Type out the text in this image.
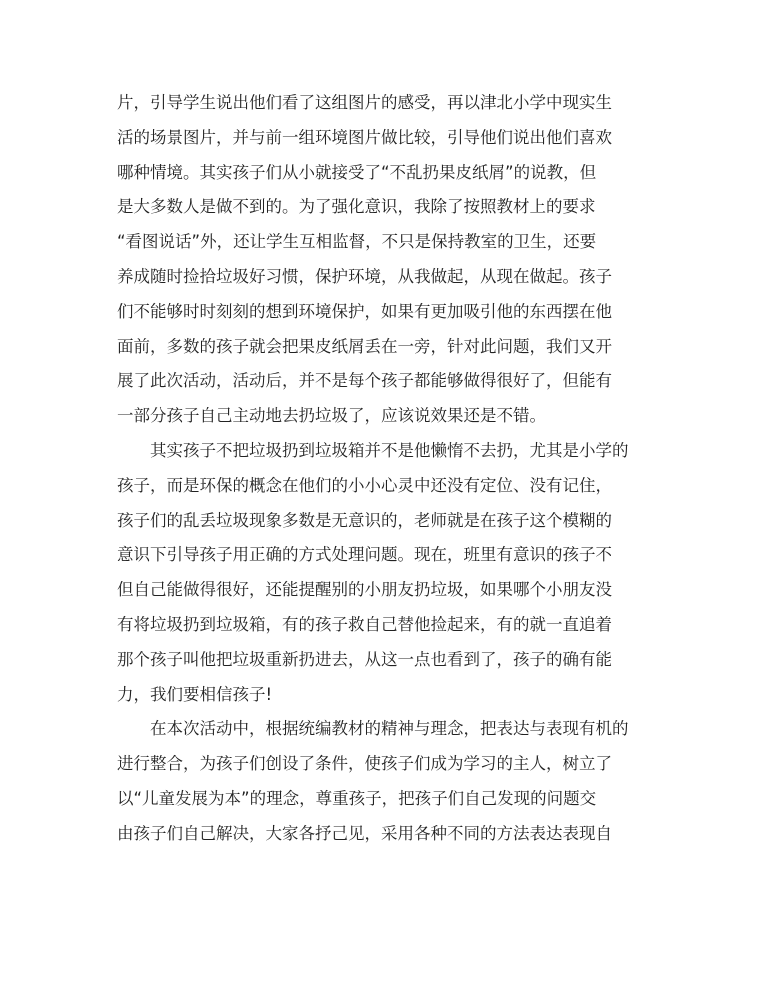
片，引导学生说出他们看了这组图片的感受，再以津北小学中现实生
活的场景图片，并与前一组环境图片做比较，引导他们说出他们喜欢
哪种情境。其实孩子们从小就接受了“不乱扔果皮纸屑”的说教，但
是大多数人是做不到的。为了强化意识，我除了按照教材上的要求
“看图说话”外，还让学生互相监督，不只是保持教室的卫生，还要
养成随时捡拾垃圾好习惯，保护环境，从我做起，从现在做起。孩子
们不能够时时刻刻的想到环境保护，如果有更加吸引他的东西摆在他
面前，多数的孩子就会把果皮纸屑丢在一旁，针对此问题，我们又开
展了此次活动，活动后，并不是每个孩子都能够做得很好了，但能有
一部分孩子自己主动地去扔垃圾了，应该说效果还是不错。
　　其实孩子不把垃圾扔到垃圾箱并不是他懒惰不去扔，尤其是小学的
孩子，而是环保的概念在他们的小小心灵中还没有定位、没有记住，
孩子们的乱丢垃圾现象多数是无意识的，老师就是在孩子这个模糊的
意识下引导孩子用正确的方式处理问题。现在，班里有意识的孩子不
但自己能做得很好，还能提醒别的小朋友扔垃圾，如果哪个小朋友没
有将垃圾扔到垃圾箱，有的孩子救自己替他捡起来，有的就一直追着
那个孩子叫他把垃圾重新扔进去，从这一点也看到了，孩子的确有能
力，我们要相信孩子!
　　在本次活动中，根据统编教材的精神与理念，把表达与表现有机的
进行整合，为孩子们创设了条件，使孩子们成为学习的主人，树立了
以“儿童发展为本”的理念，尊重孩子，把孩子们自己发现的问题交
由孩子们自己解决，大家各抒己见，采用各种不同的方法表达表现自
